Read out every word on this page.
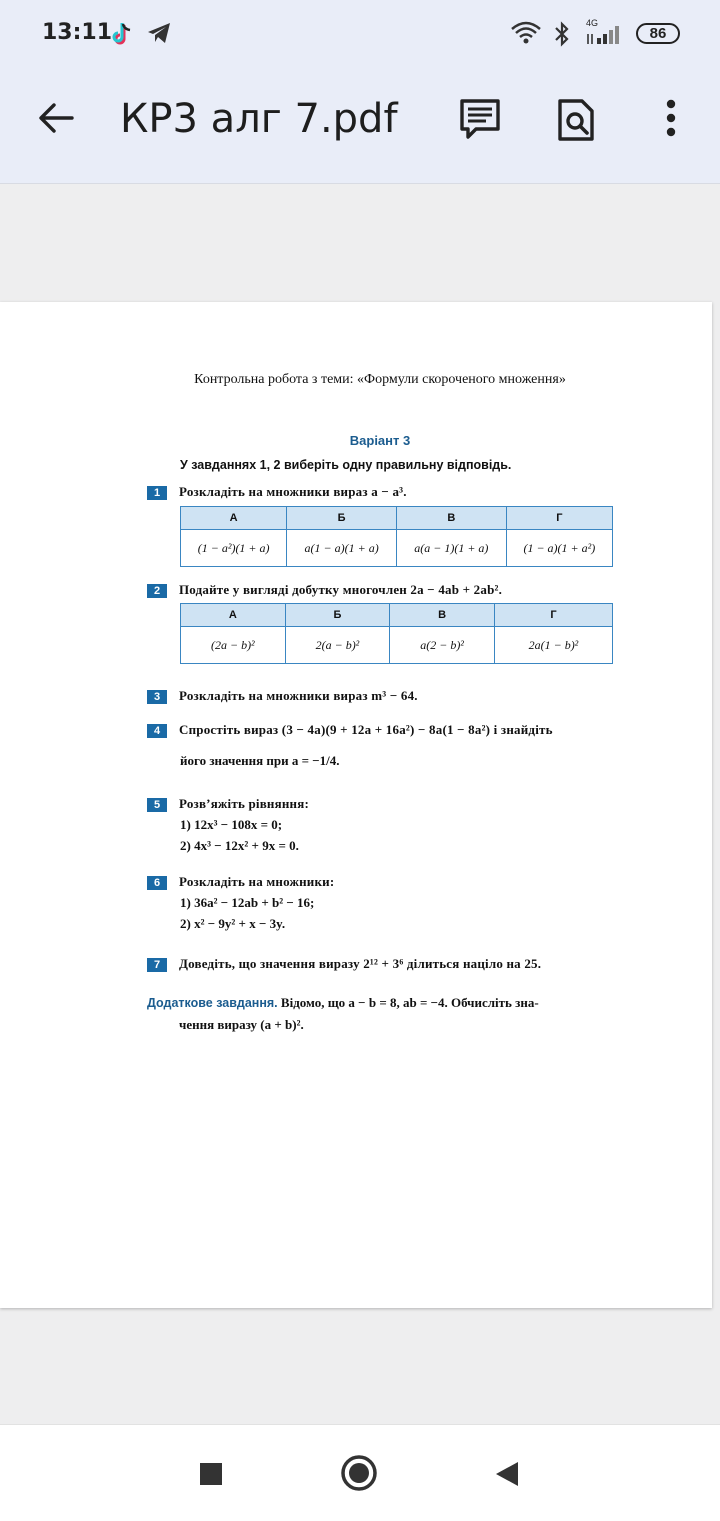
13:11	4G
86
КР3 алг 7.pdf
Контрольна робота з теми: «Формули скороченого множення»
Варіант 3
У завданнях 1, 2 виберіть одну правильну відповідь.
1 Розкладіть на множники вираз a − a³.
А	Б	В	Г
(1 − a²)(1 + a)	a(1 − a)(1 + a)	a(a − 1)(1 + a)	(1 − a)(1 + a²)
2 Подайте у вигляді добутку многочлен 2a − 4ab + 2ab².
А	Б	В	Г
(2a − b)²	2(a − b)²	a(2 − b)²	2a(1 − b)²
3 Розкладіть на множники вираз m³ − 64.
4 Спростіть вираз (3 − 4a)(9 + 12a + 16a²) − 8a(1 − 8a²) і знайдіть
його значення при a = −1/4.
5 Розв’яжіть рівняння:
1) 12x³ − 108x = 0;
2) 4x³ − 12x² + 9x = 0.
6 Розкладіть на множники:
1) 36a² − 12ab + b² − 16;
2) x² − 9y² + x − 3y.
7 Доведіть, що значення виразу 2¹² + 3⁶ ділиться націло на 25.
Додаткове завдання. Відомо, що a − b = 8, ab = −4. Обчисліть зна-
чення виразу (a + b)².
